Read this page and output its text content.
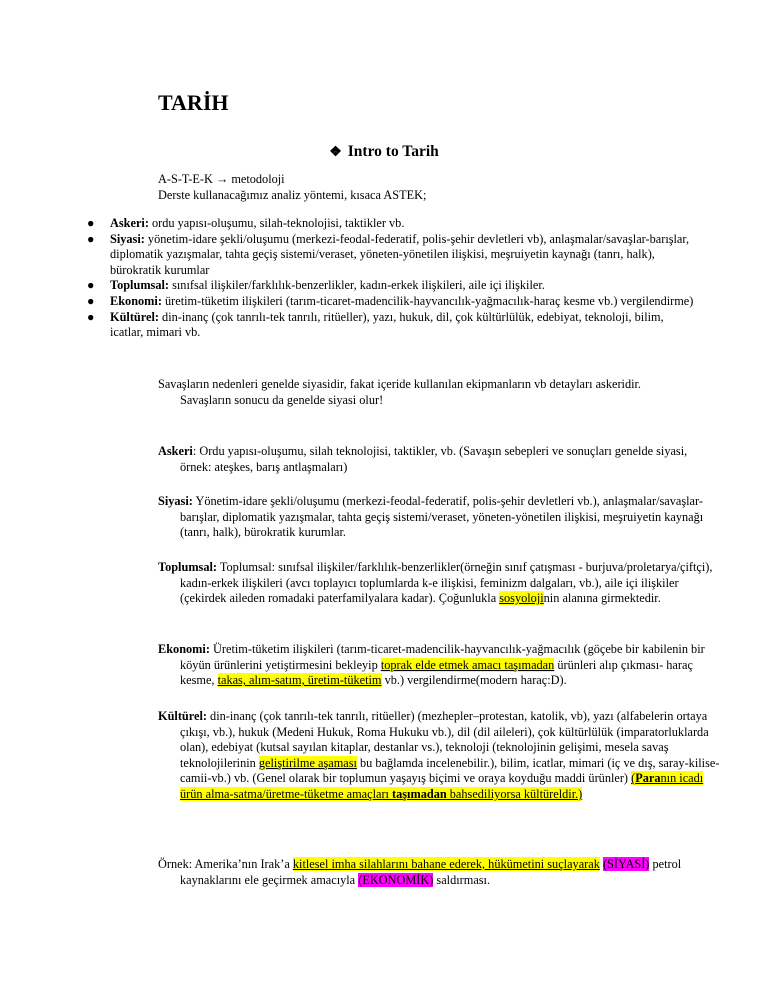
TARİH
❖ Intro to Tarih
A-S-T-E-K → metodoloji
Derste kullanacağımız analiz yöntemi, kısaca ASTEK;
● Askeri: ordu yapısı-oluşumu, silah-teknolojisi, taktikler vb.
● Siyasi: yönetim-idare şekli/oluşumu (merkezi-feodal-federatif, polis-şehir devletleri vb), anlaşmalar/savaşlar-barışlar, diplomatik yazışmalar, tahta geçiş sistemi/veraset, yöneten-yönetilen ilişkisi, meşruiyetin kaynağı (tanrı, halk), bürokratik kurumlar
● Toplumsal: sınıfsal ilişkiler/farklılık-benzerlikler, kadın-erkek ilişkileri, aile içi ilişkiler.
● Ekonomi: üretim-tüketim ilişkileri (tarım-ticaret-madencilik-hayvancılık-yağmacılık-haraç kesme vb.) vergilendirme)
● Kültürel: din-inanç (çok tanrılı-tek tanrılı, ritüeller), yazı, hukuk, dil, çok kültürlülük, edebiyat, teknoloji, bilim, icatlar, mimari vb.
Savaşların nedenleri genelde siyasidir, fakat içeride kullanılan ekipmanların vb detayları askeridir.
Savaşların sonucu da genelde siyasi olur!
Askeri: Ordu yapısı-oluşumu, silah teknolojisi, taktikler, vb. (Savaşın sebepleri ve sonuçları genelde siyasi, örnek: ateşkes, barış antlaşmaları)
Siyasi: Yönetim-idare şekli/oluşumu (merkezi-feodal-federatif, polis-şehir devletleri vb.), anlaşmalar/savaşlar-barışlar, diplomatik yazışmalar, tahta geçiş sistemi/veraset, yöneten-yönetilen ilişkisi, meşruiyetin kaynağı (tanrı, halk), bürokratik kurumlar.
Toplumsal: Toplumsal: sınıfsal ilişkiler/farklılık-benzerlikler(örneğin sınıf çatışması - burjuva/proletarya/çiftçi), kadın-erkek ilişkileri (avcı toplayıcı toplumlarda k-e ilişkisi, feminizm dalgaları, vb.), aile içi ilişkiler (çekirdek aileden romadaki paterfamilyalara kadar). Çoğunlukla sosyolojinin alanına girmektedir.
Ekonomi: Üretim-tüketim ilişkileri (tarım-ticaret-madencilik-hayvancılık-yağmacılık (göçebe bir kabilenin bir köyün ürünlerini yetiştirmesini bekleyip toprak elde etmek amacı taşımadan ürünleri alıp çıkması- haraç kesme, takas, alım-satım, üretim-tüketim vb.) vergilendirme(modern haraç:D).
Kültürel: din-inanç (çok tanrılı-tek tanrılı, ritüeller) (mezhepler–protestan, katolik, vb), yazı (alfabelerin ortaya çıkışı, vb.), hukuk (Medeni Hukuk, Roma Hukuku vb.), dil (dil aileleri), çok kültürlülük (imparatorluklarda olan), edebiyat (kutsal sayılan kitaplar, destanlar vs.), teknoloji (teknolojinin gelişimi, mesela savaş teknolojilerinin geliştirilme aşaması bu bağlamda incelenebilir.), bilim, icatlar, mimari (iç ve dış, saray-kilise-camii-vb.) vb. (Genel olarak bir toplumun yaşayış biçimi ve oraya koyduğu maddi ürünler) (Paranın icadı ürün alma-satma/üretme-tüketme amaçları taşımadan bahsediliyorsa kültüreldir.)
Örnek: Amerika’nın Irak’a kitlesel imha silahlarını bahane ederek, hükümetini suçlayarak (SİYASİ) petrol kaynaklarını ele geçirmek amacıyla (EKONOMİK) saldırması.
